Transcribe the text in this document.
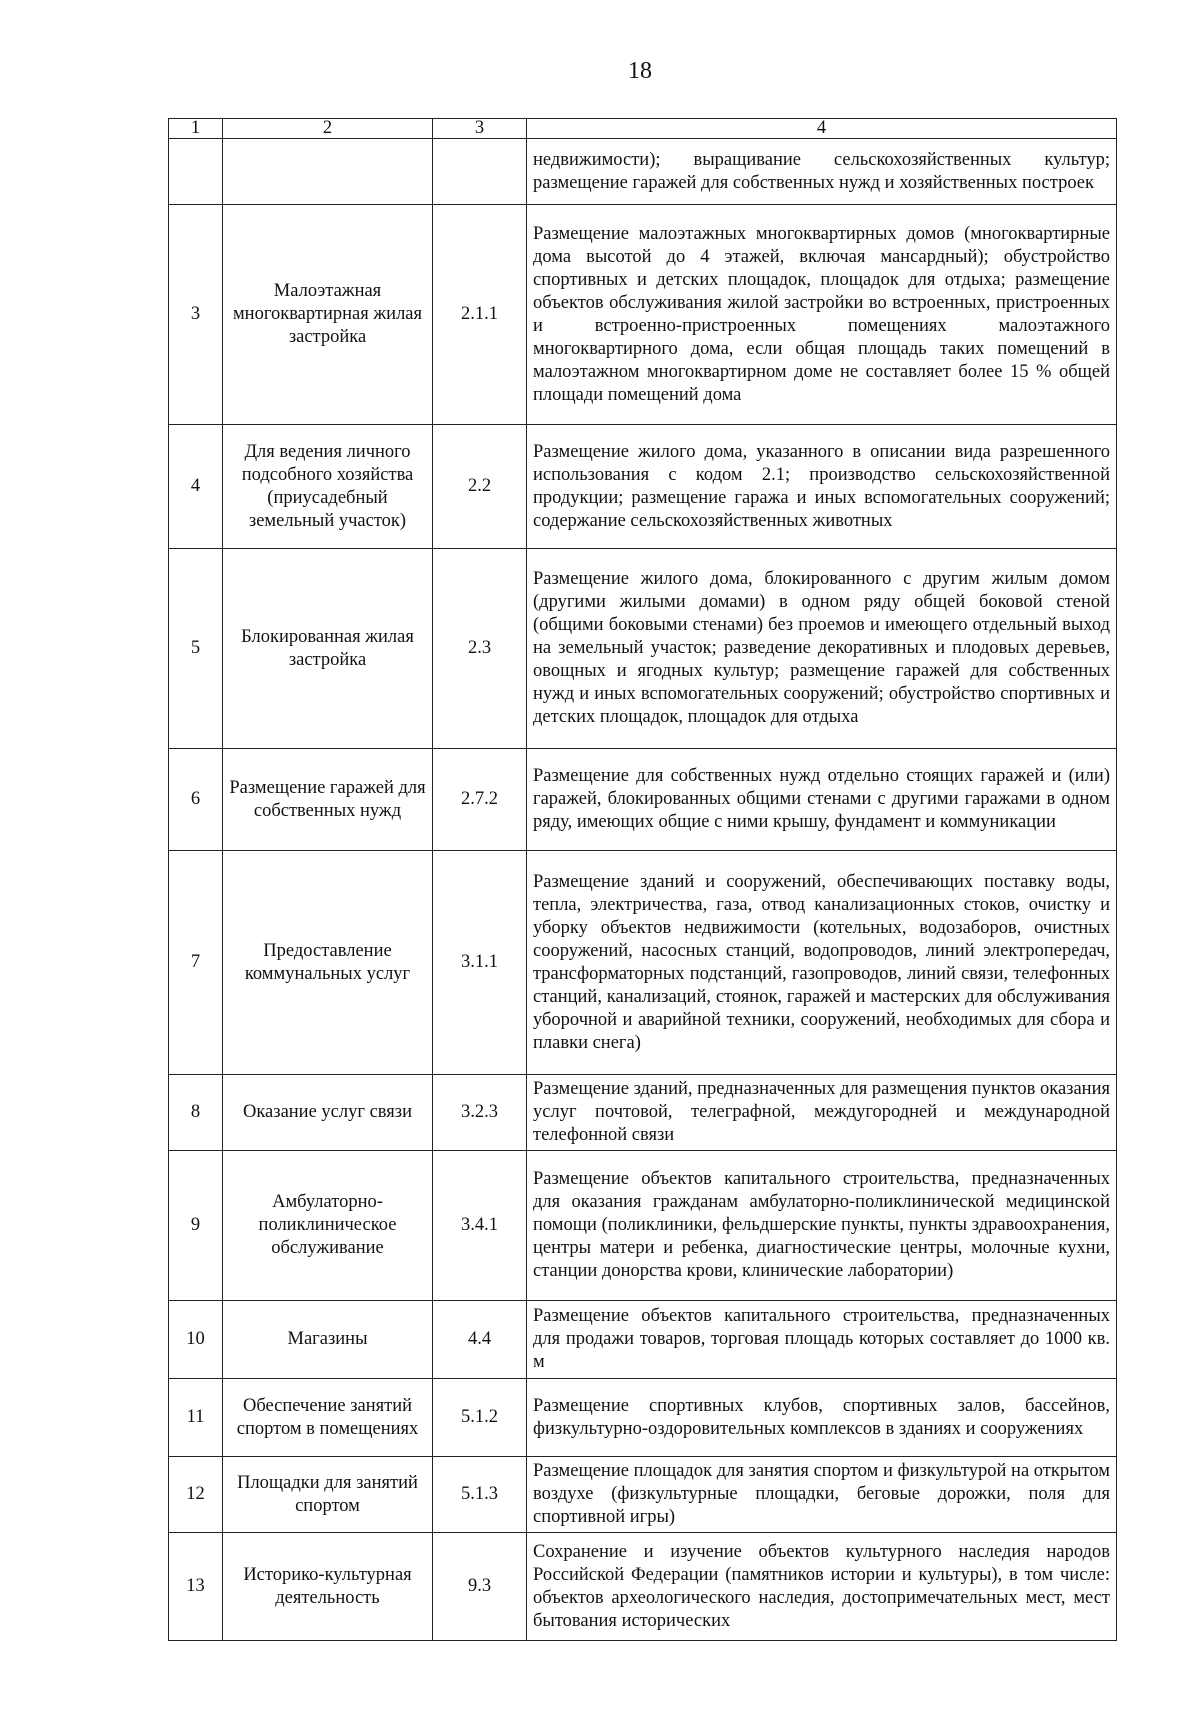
18
1	2	3	4
			недвижимости); выращивание сельскохозяйственных культур; размещение гаражей для собственных нужд и хозяйственных построек
3	Малоэтажная многоквартирная жилая застройка	2.1.1	Размещение малоэтажных многоквартирных домов (многоквартирные дома высотой до 4 этажей, включая мансардный); обустройство спортивных и детских площадок, площадок для отдыха; размещение объектов обслуживания жилой застройки во встроенных, пристроенных и встроенно-пристроенных помещениях малоэтажного многоквартирного дома, если общая площадь таких помещений в малоэтажном многоквартирном доме не составляет более 15 % общей площади помещений дома
4	Для ведения личного подсобного хозяйства (приусадебный земельный участок)	2.2	Размещение жилого дома, указанного в описании вида разрешенного использования с кодом 2.1; производство сельскохозяйственной продукции; размещение гаража и иных вспомогательных сооружений; содержание сельскохозяйственных животных
5	Блокированная жилая застройка	2.3	Размещение жилого дома, блокированного с другим жилым домом (другими жилыми домами) в одном ряду общей боковой стеной (общими боковыми стенами) без проемов и имеющего отдельный выход на земельный участок; разведение декоративных и плодовых деревьев, овощных и ягодных культур; размещение гаражей для собственных нужд и иных вспомогательных сооружений; обустройство спортивных и детских площадок, площадок для отдыха
6	Размещение гаражей для собственных нужд	2.7.2	Размещение для собственных нужд отдельно стоящих гаражей и (или) гаражей, блокированных общими стенами с другими гаражами в одном ряду, имеющих общие с ними крышу, фундамент и коммуникации
7	Предоставление коммунальных услуг	3.1.1	Размещение зданий и сооружений, обеспечивающих поставку воды, тепла, электричества, газа, отвод канализационных стоков, очистку и уборку объектов недвижимости (котельных, водозаборов, очистных сооружений, насосных станций, водопроводов, линий электропередач, трансформаторных подстанций, газопроводов, линий связи, телефонных станций, канализаций, стоянок, гаражей и мастерских для обслуживания уборочной и аварийной техники, сооружений, необходимых для сбора и плавки снега)
8	Оказание услуг связи	3.2.3	Размещение зданий, предназначенных для размещения пунктов оказания услуг почтовой, телеграфной, междугородней и международной телефонной связи
9	Амбулаторно-поликлиническое обслуживание	3.4.1	Размещение объектов капитального строительства, предназначенных для оказания гражданам амбулаторно-поликлинической медицинской помощи (поликлиники, фельдшерские пункты, пункты здравоохранения, центры матери и ребенка, диагностические центры, молочные кухни, станции донорства крови, клинические лаборатории)
10	Магазины	4.4	Размещение объектов капитального строительства, предназначенных для продажи товаров, торговая площадь которых составляет до 1000 кв. м
11	Обеспечение занятий спортом в помещениях	5.1.2	Размещение спортивных клубов, спортивных залов, бассейнов, физкультурно-оздоровительных комплексов в зданиях и сооружениях
12	Площадки для занятий спортом	5.1.3	Размещение площадок для занятия спортом и физкультурой на открытом воздухе (физкультурные площадки, беговые дорожки, поля для спортивной игры)
13	Историко-культурная деятельность	9.3	Сохранение и изучение объектов культурного наследия народов Российской Федерации (памятников истории и культуры), в том числе: объектов археологического наследия, достопримечательных мест, мест бытования исторических
